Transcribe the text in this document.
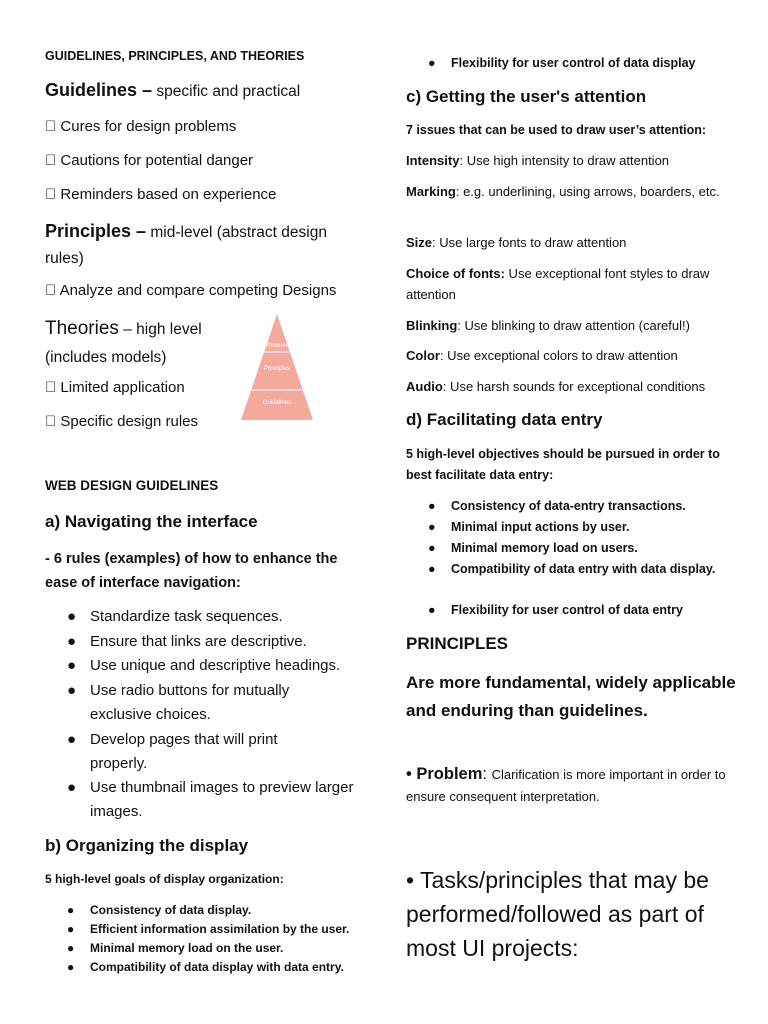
GUIDELINES, PRINCIPLES, AND THEORIES
Guidelines – specific and practical
  Cures for design problems
  Cautions for potential danger
  Reminders based on experience
Principles – mid-level (abstract design rules)
  Analyze and compare competing Designs
Theories – high level (includes models)
  Limited application
  Specific design rules
Theories
Principles
Guidelines
WEB DESIGN GUIDELINES
a) Navigating the interface
- 6 rules (examples) of how to enhance the ease of interface navigation:
● Standardize task sequences.
● Ensure that links are descriptive.
● Use unique and descriptive headings.
● Use radio buttons for mutually exclusive choices.
● Develop pages that will print properly.
● Use thumbnail images to preview larger images.
b) Organizing the display
5 high-level goals of display organization:
● Consistency of data display.
● Efficient information assimilation by the user.
● Minimal memory load on the user.
● Compatibility of data display with data entry.
● Flexibility for user control of data display
c) Getting the user's attention
7 issues that can be used to draw user’s attention:
Intensity: Use high intensity to draw attention
Marking: e.g. underlining, using arrows, boarders, etc.
Size: Use large fonts to draw attention
Choice of fonts: Use exceptional font styles to draw attention
Blinking: Use blinking to draw attention (careful!)
Color: Use exceptional colors to draw attention
Audio: Use harsh sounds for exceptional conditions
d) Facilitating data entry
5 high-level objectives should be pursued in order to best facilitate data entry:
● Consistency of data-entry transactions.
● Minimal input actions by user.
● Minimal memory load on users.
● Compatibility of data entry with data display.
● Flexibility for user control of data entry
PRINCIPLES
Are more fundamental, widely applicable and enduring than guidelines.
• Problem: Clarification is more important in order to ensure consequent interpretation.
• Tasks/principles that may be performed/followed as part of most UI projects:
